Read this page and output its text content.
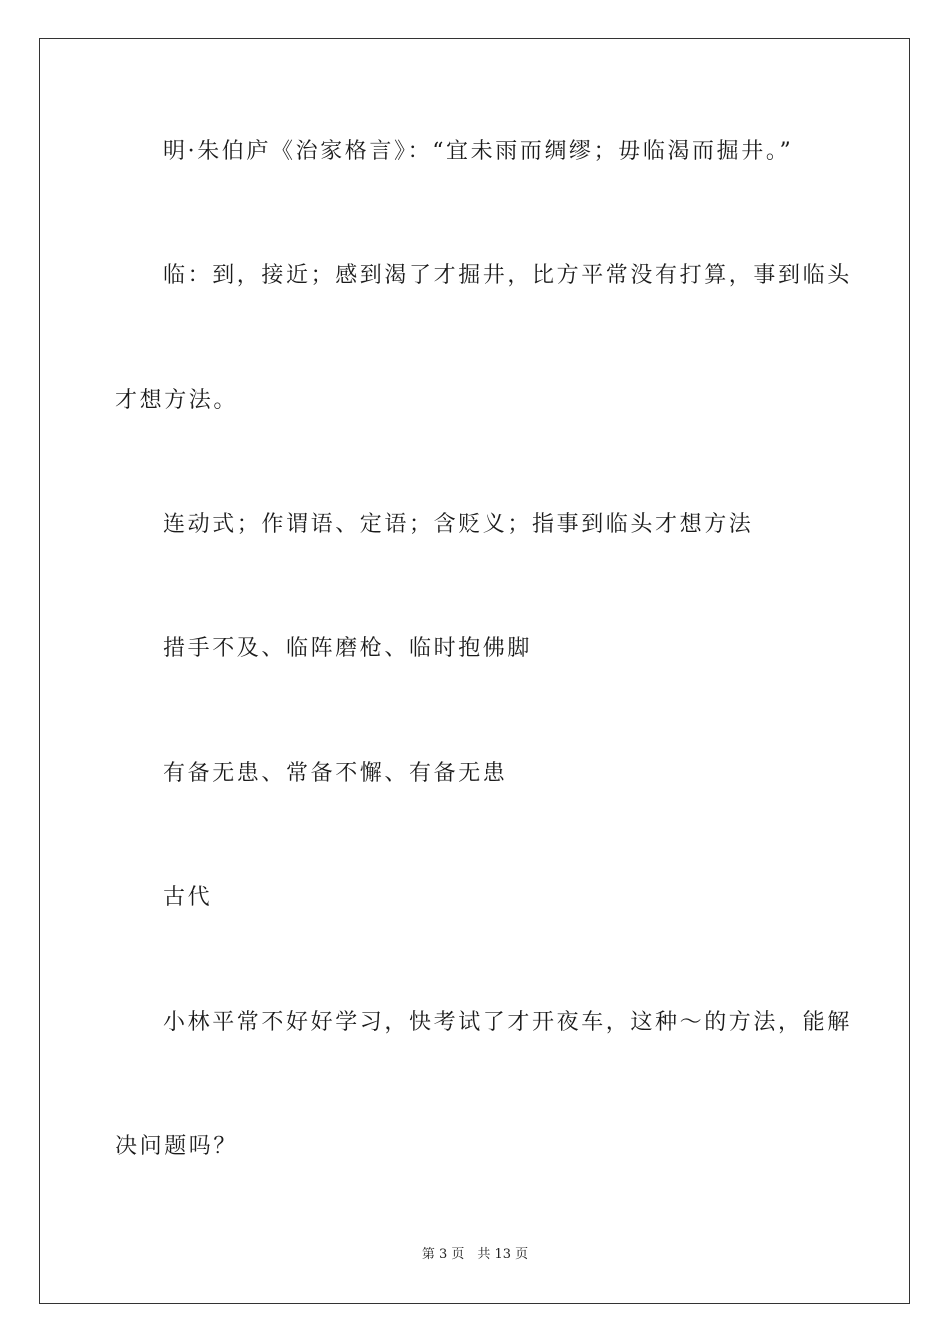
明·朱伯庐《治家格言》：“宜未雨而绸缪；毋临渴而掘井。”
临：到，接近；感到渴了才掘井，比方平常没有打算，事到临头
才想方法。
连动式；作谓语、定语；含贬义；指事到临头才想方法
措手不及、临阵磨枪、临时抱佛脚
有备无患、常备不懈、有备无患
古代
小林平常不好好学习，快考试了才开夜车，这种～的方法，能解
决问题吗？
第 3 页　共 13 页
